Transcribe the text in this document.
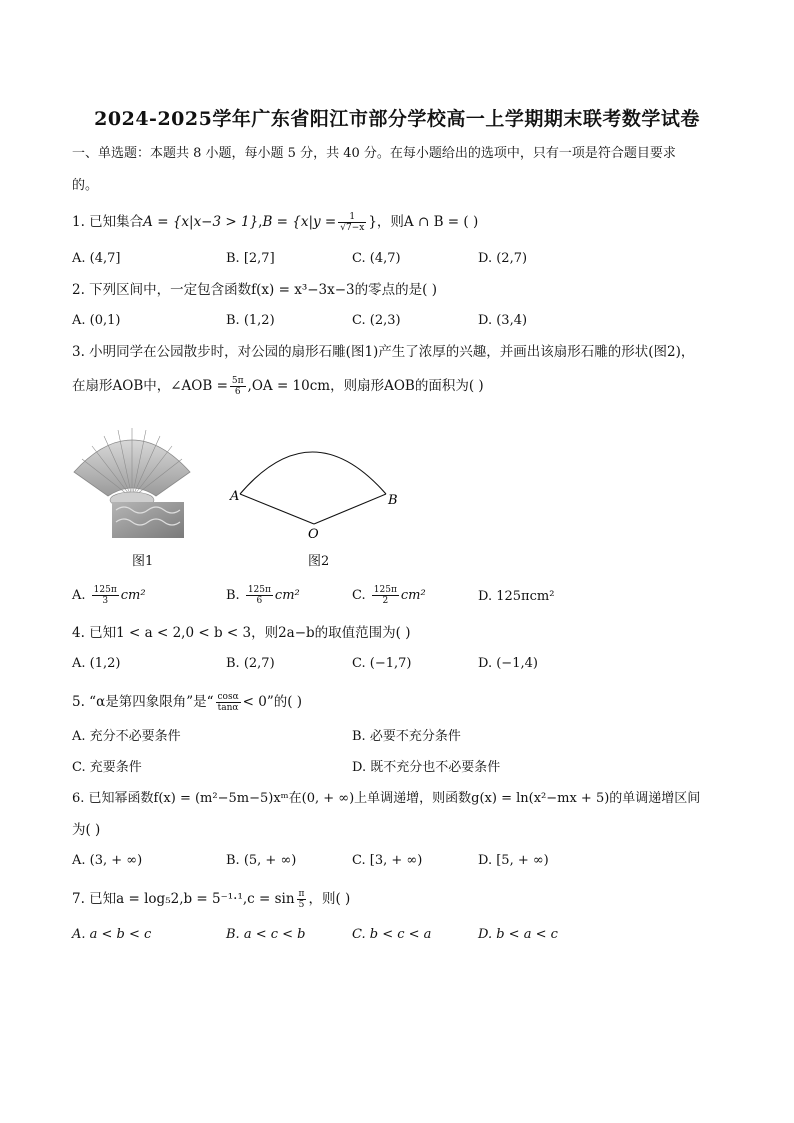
2024-2025学年广东省阳江市部分学校高一上学期期末联考数学试卷
一、单选题：本题共 8 小题，每小题 5 分，共 40 分。在每小题给出的选项中，只有一项是符合题目要求
的。
1. 已知集合$A = \{x|x-3 > 1\},B = \{x|y = \frac{1}{√7-x}$ }，则A ∩ B = ( )
A. (4,7]	B. [2,7]	C. (4,7)	D. (2,7)
2. 下列区间中，一定包含函数f(x) = x³−3x−3的零点的是( )
A. (0,1)	B. (1,2)	C. (2,3)	D. (3,4)
3. 小明同学在公园散步时，对公园的扇形石雕(图1)产生了浓厚的兴趣，并画出该扇形石雕的形状(图2)，
在扇形AOB中，∠AOB = $\frac{5\pi}{6} ,OA = 10cm$，则扇形AOB的面积为( )
图1
A	B
O
图2
A. $\frac{125\pi}{3} cm^2$	B. $\frac{125\pi}{6} cm^2$	C. $\frac{125\pi}{2} cm^2$	D. 125πcm²
4. 已知1 < a < 2,0 < b < 3，则2a−b的取值范围为( )
A. (1,2)	B. (2,7)	C. (−1,7)	D. (−1,4)
5. “α是第四象限角”是“ $\frac{\cos\alpha}{\tan\alpha} < 0$”的( )
A. 充分不必要条件	B. 必要不充分条件
C. 充要条件	D. 既不充分也不必要条件
6. 已知幂函数f(x) = (m²−5m−5)xᵐ在(0, + ∞)上单调递增，则函数g(x) = ln(x²−mx + 5)的单调递增区间
为( )
A. (3, + ∞)	B. (5, + ∞)	C. [3, + ∞)	D. [5, + ∞)
7. 已知$a = \log_52,b = 5^{-1}\cdot^1,c = \sin \frac{\pi}{5}$ ，则( )
A. a < b < c	B. a < c < b	C. b < c < a	D. b < a < c
